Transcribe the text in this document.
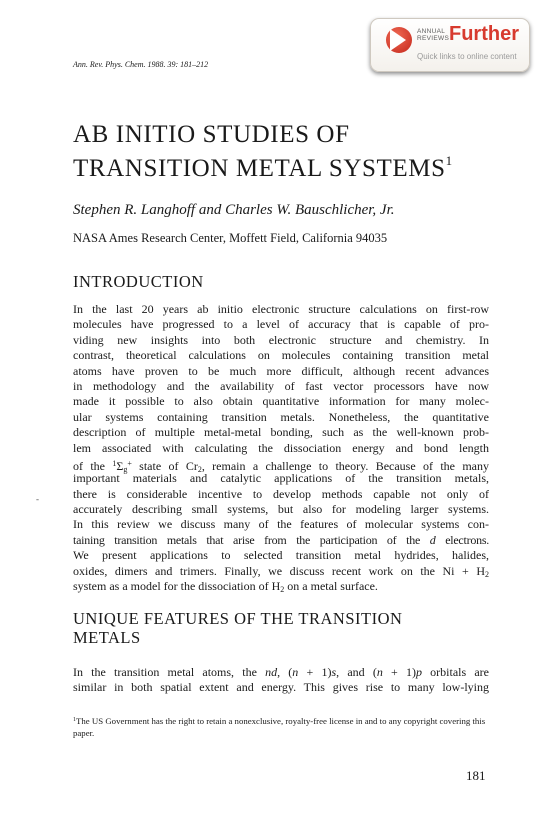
ANNUAL
REVIEWS Further
Quick links to online content
Ann. Rev. Phys. Chem. 1988. 39: 181–212
AB INITIO STUDIES OF
TRANSITION METAL SYSTEMS$^1$
Stephen R. Langhoff and Charles W. Bauschlicher, Jr.
NASA Ames Research Center, Moffett Field, California 94035
INTRODUCTION
In the last 20 years ab initio electronic structure calculations on first-row
molecules have progressed to a level of accuracy that is capable of pro-
viding new insights into both electronic structure and chemistry. In
contrast, theoretical calculations on molecules containing transition metal
atoms have proven to be much more difficult, although recent advances
in methodology and the availability of fast vector processors have now
made it possible to also obtain quantitative information for many molec-
ular systems containing transition metals. Nonetheless, the quantitative
description of multiple metal-metal bonding, such as the well-known prob-
lem associated with calculating the dissociation energy and bond length
of the $^1\Sigma_g^+$ state of $Cr_2$, remain a challenge to theory. Because of the many
important materials and catalytic applications of the transition metals,
there is considerable incentive to develop methods capable not only of
accurately describing small systems, but also for modeling larger systems.
In this review we discuss many of the features of molecular systems con-
taining transition metals that arise from the participation of the d electrons.
We present applications to selected transition metal hydrides, halides,
oxides, dimers and trimers. Finally, we discuss recent work on the $Ni + H_2$
system as a model for the dissociation of $H_2$ on a metal surface.
-
UNIQUE FEATURES OF THE TRANSITION
METALS
In the transition metal atoms, the nd, (n + 1)s, and (n + 1)p orbitals are
similar in both spatial extent and energy. This gives rise to many low-lying
$^1$The US Government has the right to retain a nonexclusive, royalty-free license in and to any copyright covering this paper.
181
